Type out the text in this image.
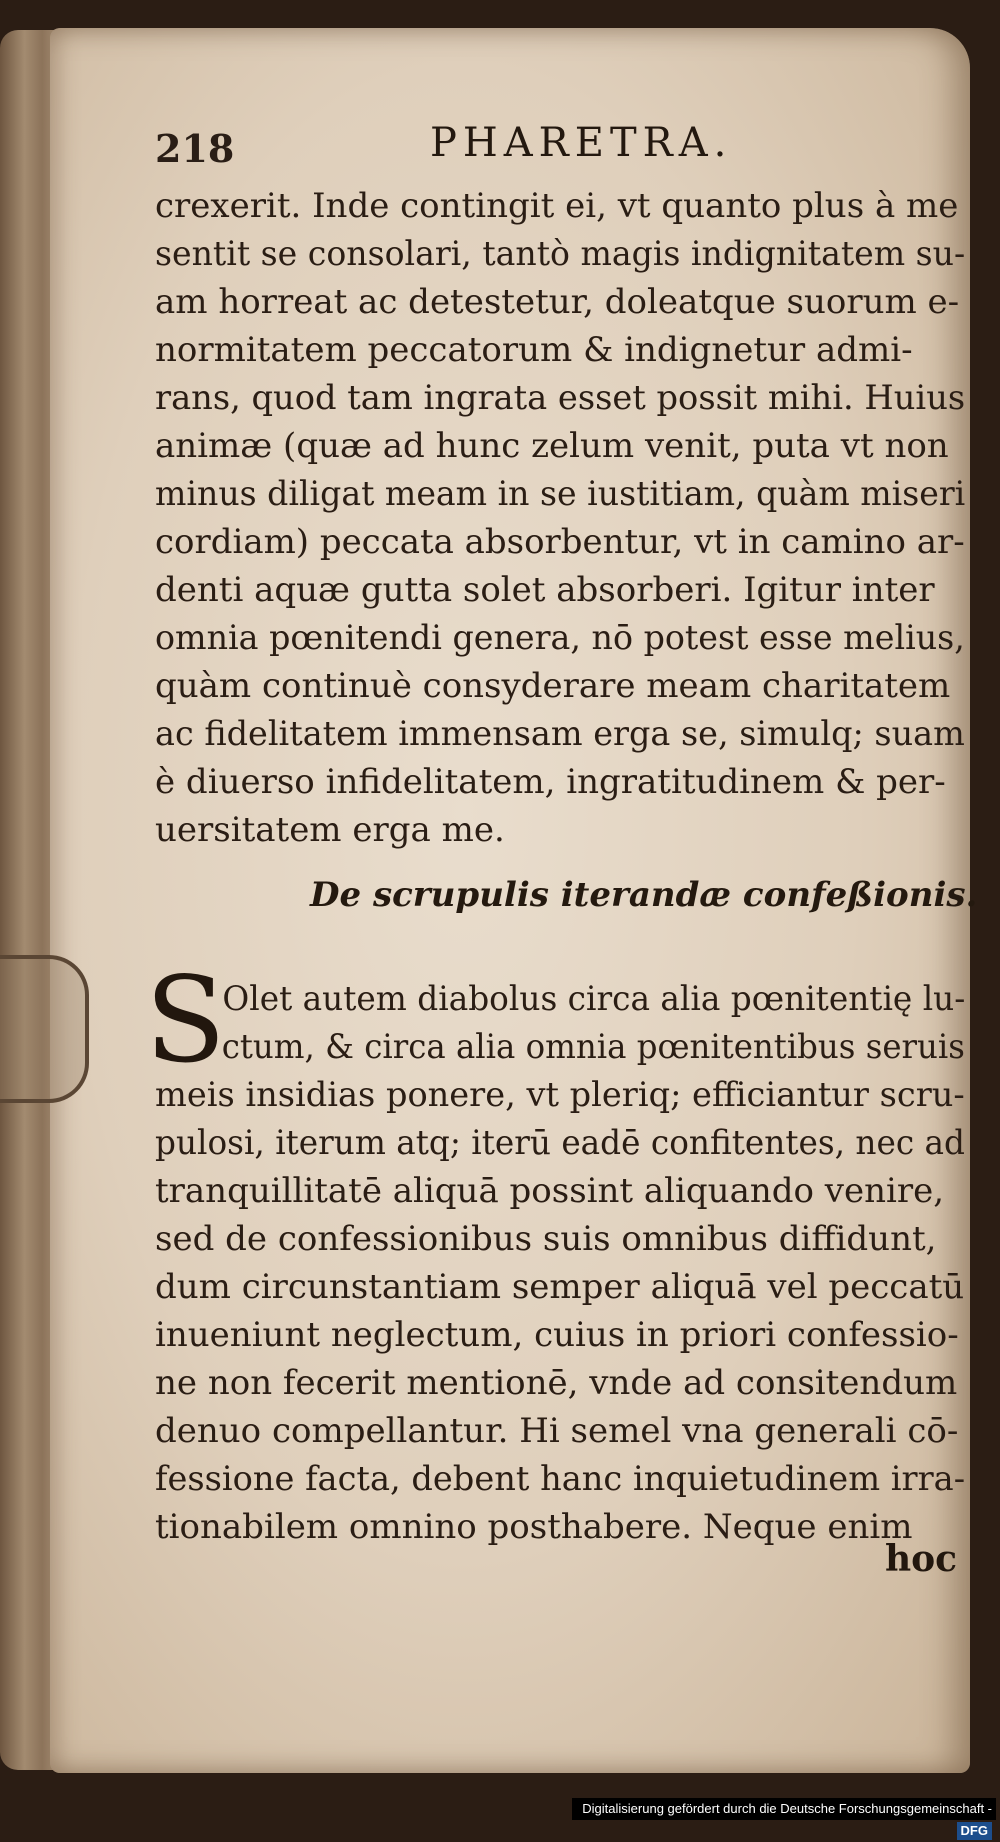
218	PHARETRA.
crexerit. Inde contingit ei, vt quanto plus à me
sentit se consolari, tantò magis indignitatem su-
am horreat ac detestetur, doleatque suorum e-
normitatem peccatorum & indignetur admi-
rans, quod tam ingrata esset possit mihi. Huius
animæ (quæ ad hunc zelum venit, puta vt non
minus diligat meam in se iustitiam, quàm miseri
cordiam) peccata absorbentur, vt in camino ar-
denti aquæ gutta solet absorberi. Igitur inter
omnia pœnitendi genera, nō potest esse melius,
quàm continuè consyderare meam charitatem
ac fidelitatem immensam erga se, simulq; suam
è diuerso infidelitatem, ingratitudinem & per-
uersitatem erga me.
De scrupulis iterandæ confeßionis.
S
Olet autem diabolus circa alia pœnitentię lu-
ctum, & circa alia omnia pœnitentibus seruis
meis insidias ponere, vt pleriq; efficiantur scru-
pulosi, iterum atq; iterū eadē confitentes, nec ad
tranquillitatē aliquā possint aliquando venire,
sed de confessionibus suis omnibus diffidunt,
dum circunstantiam semper aliquā vel peccatū
inueniunt neglectum, cuius in priori confessio-
ne non fecerit mentionē, vnde ad consitendum
denuo compellantur. Hi semel vna generali cō-
fessione facta, debent hanc inquietudinem irra-
tionabilem omnino posthabere. Neque enim
hoc
Digitalisierung gefördert durch die Deutsche Forschungsgemeinschaft - DFG
